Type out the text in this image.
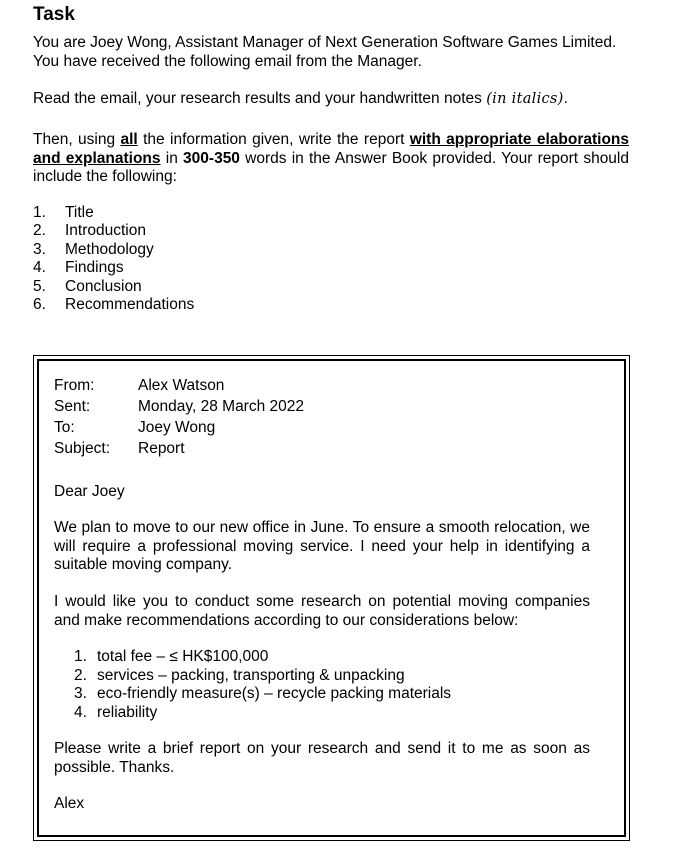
Task
You are Joey Wong, Assistant Manager of Next Generation Software Games Limited.
You have received the following email from the Manager.
Read the email, your research results and your handwritten notes (in italics).
Then, using all the information given, write the report with appropriate elaborations and explanations in 300-350 words in the Answer Book provided. Your report should include the following:
1. Title
2. Introduction
3. Methodology
4. Findings
5. Conclusion
6. Recommendations
From:	Alex Watson
Sent:	Monday, 28 March 2022
To:	Joey Wong
Subject: Report
Dear Joey
We plan to move to our new office in June. To ensure a smooth relocation, we will require a professional moving service. I need your help in identifying a suitable moving company.
I would like you to conduct some research on potential moving companies and make recommendations according to our considerations below:
1. total fee – ≤ HK$100,000
2. services – packing, transporting & unpacking
3. eco-friendly measure(s) – recycle packing materials
4. reliability
Please write a brief report on your research and send it to me as soon as possible. Thanks.
Alex
